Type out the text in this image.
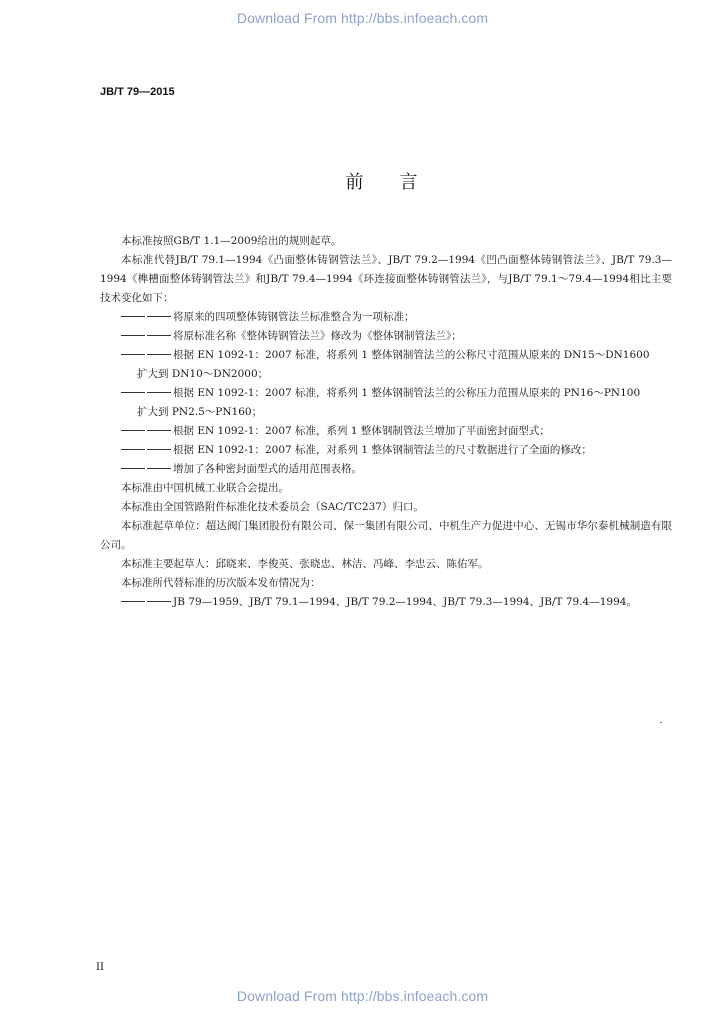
Download From http://bbs.infoeach.com
JB/T 79—2015
前 言

本标准按照GB/T 1.1—2009给出的规则起草。

本标准代替JB/T 79.1—1994《凸面整体铸钢管法兰》、JB/T 79.2—1994《凹凸面整体铸钢管法兰》、JB/T 79.3—1994《榫槽面整体铸钢管法兰》和JB/T 79.4—1994《环连接面整体铸钢管法兰》，与JB/T 79.1～79.4—1994相比主要技术变化如下：

将原来的四项整体铸钢管法兰标准整合为一项标准；

将原标准名称《整体铸钢管法兰》修改为《整体钢制管法兰》；

根据 EN 1092-1：2007 标准，将系列 1 整体钢制管法兰的公称尺寸范围从原来的 DN15～DN1600
扩大到 DN10～DN2000；

根据 EN 1092-1：2007 标准，将系列 1 整体钢制管法兰的公称压力范围从原来的 PN16～PN100
扩大到 PN2.5～PN160；

根据 EN 1092-1：2007 标准，系列 1 整体钢制管法兰增加了平面密封面型式；

根据 EN 1092-1：2007 标准，对系列 1 整体钢制管法兰的尺寸数据进行了全面的修改；

增加了各种密封面型式的适用范围表格。

本标准由中国机械工业联合会提出。

本标准由全国管路附件标准化技术委员会（SAC/TC237）归口。

本标准起草单位：超达阀门集团股份有限公司、保一集团有限公司、中机生产力促进中心、无锡市华尔泰机械制造有限公司。

本标准主要起草人：邱晓来、李俊英、张晓忠、林洁、冯峰、李忠云、陈佑军。

本标准所代替标准的历次版本发布情况为：

JB 79—1959、JB/T 79.1—1994、JB/T 79.2—1994、JB/T 79.3—1994、JB/T 79.4—1994。

II
Download From http://bbs.infoeach.com
